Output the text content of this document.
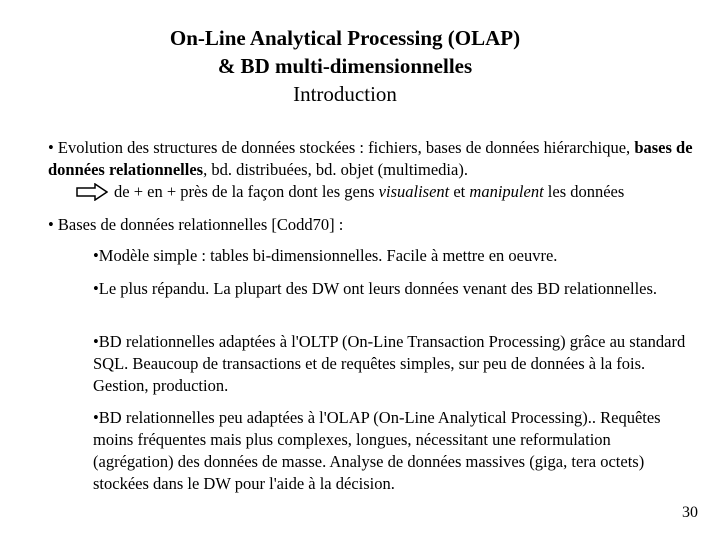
On-Line Analytical Processing (OLAP)
& BD multi-dimensionnelles
Introduction
• Evolution des structures de données stockées : fichiers, bases de données hiérarchique, bases de données relationnelles, bd. distribuées, bd. objet (multimedia).
de + en + près de la façon dont les gens visualisent et manipulent les données
• Bases de données relationnelles [Codd70] :
•Modèle simple : tables bi-dimensionnelles. Facile à mettre en oeuvre.
•Le plus répandu. La plupart des DW ont leurs données venant des BD relationnelles.
•BD relationnelles adaptées à l'OLTP (On-Line Transaction Processing) grâce au standard SQL. Beaucoup de transactions et de requêtes simples, sur peu de données à la fois. Gestion, production.
•BD relationnelles peu adaptées à l'OLAP (On-Line Analytical Processing).. Requêtes moins fréquentes mais plus complexes, longues, nécessitant une reformulation (agrégation) des données de masse. Analyse de données massives (giga, tera octets) stockées dans le DW pour l'aide à la décision.
30
